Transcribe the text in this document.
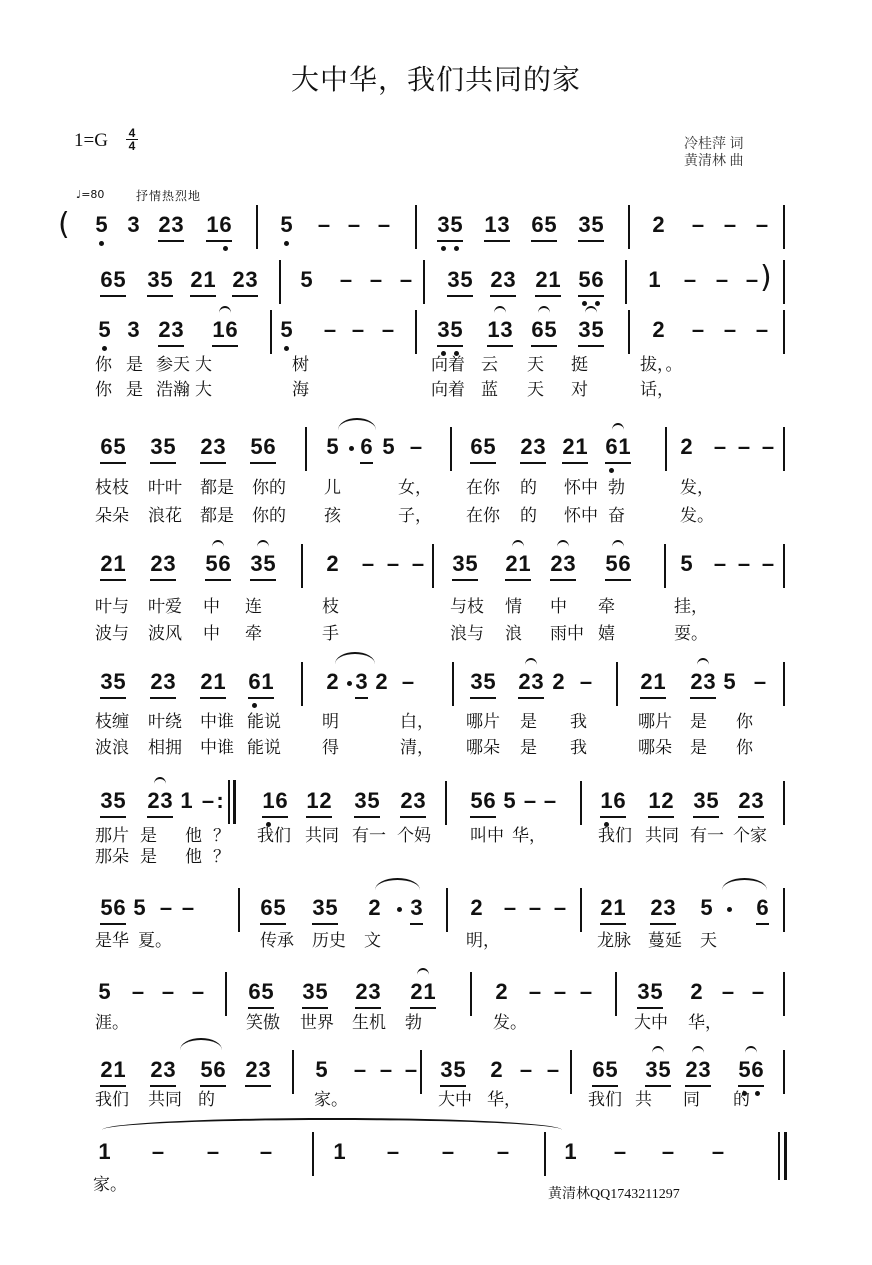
大中华，我们共同的家
1=G 4
4	冷桂萍 词
黄清林 曲
♩=80	抒情热烈地
( 5 3 2 3 1 6 5 – – – 3 5 1 3 6 5 3 5 2 – – –
6 5 3 5 2 1 2 3 5 – – – 3 5 2 3 2 1 5 6 1 – – – )
5 3 2 3 1 6 5 – – – 3 5 1 3 6 5 3 5 2 – – –
你 是 参天 大	树	向着 云 天 挺	拔，。
你 是 浩瀚 大	海	向着 蓝 天 对	话，
6 5 3 5 2 3 5 6 5 6 5 – 6 5 2 3 2 1 6 1 2 – – –
枝枝 叶叶 都是 你的 儿	女， 在你 的 怀中 勃	发，
朵朵 浪花 都是 你的 孩	子， 在你 的 怀中 奋	发。
2 1 2 3 5 6 3 5 2 – – – 3 5 2 1 2 3 5 6 5 – – –
叶与 叶爱 中 连	枝	与枝 情 中 牵	挂，
波与 波风 中 牵	手	浪与 浪 雨中 嬉	耍。
3 5 2 3 2 1 6 1 2 3 2 –	3 5 2 3 2 – 2 1 2 3 5 –
枝缠 叶绕 中谁 能说 明	白， 哪片 是 我	哪片 是 你
波浪 相拥 中谁 能说 得	清， 哪朵 是 我	哪朵 是 你
3 5 2 3 1 – : 1 6 1 2 3 5 2 3 5 6 5 – – 1 6 1 2 3 5 2 3
那片 是 他 ？ 我们 共同 有一 个妈 叫中 华，	我们 共同 有一 个家
那朵 是 他 ？
5 6 5 – –	6 5 3 5 2 3 2 – – – 2 1 2 3 5 6
是华 夏。	传承 历史 文	明，	龙脉 蔓延 天
5 – – – 6 5 3 5 2 3 2 1	2 – – – 3 5 2 – –
涯。	笑傲 世界 生机 勃	发。	大中 华，
2 1 2 3 5 6 2 3 5 – – – 3 5 2 – – 6 5 3 5 2 3 5 6
我们 共同 的	家。	大中 华，	我们 共 同 的
1 – – –	1 – – –	1 – – –
家。	黄清林QQ1743211297
